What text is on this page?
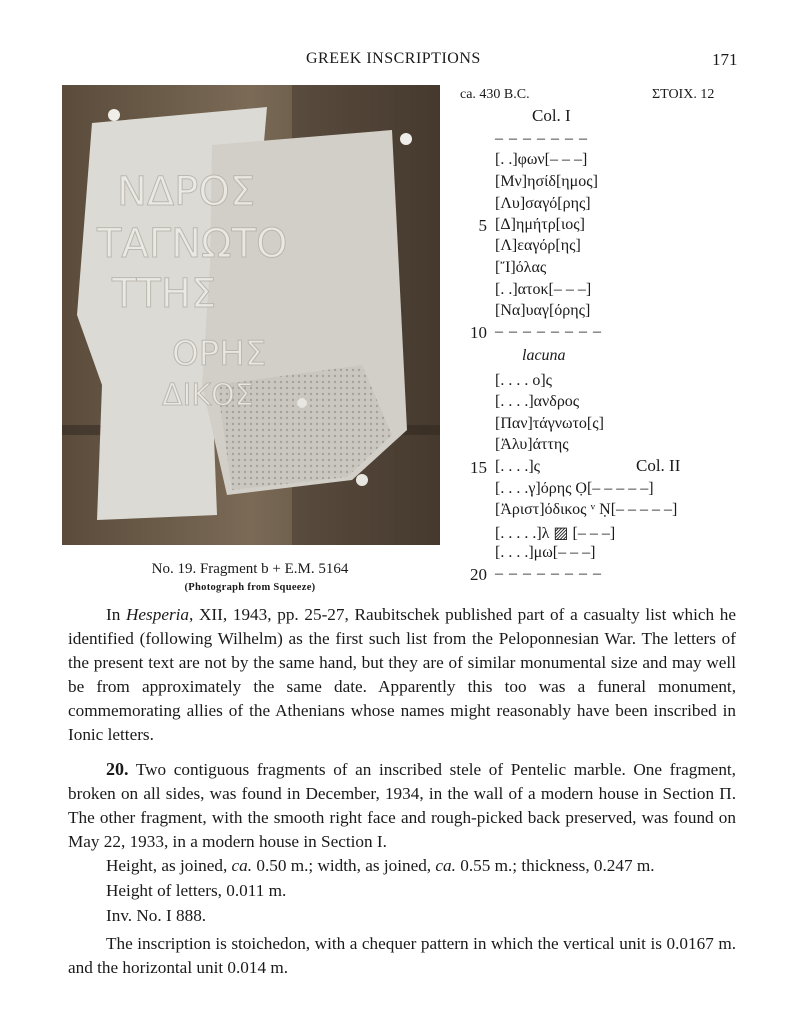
GREEK INSCRIPTIONS	171
ΝΔΡΟΣ
ΤΑΓΝΩΤΟ
ΤΤΗΣ
ΟΡΗΣ
ΔΙΚΟΣ
No. 19. Fragment b + E.M. 5164
(Photograph from Squeeze)
ca. 430 B.C.	ΣΤΟΙΧ. 12
Col. I
– – – – – – –
[. .]φων[– – –]
[Μν]ησίδ[ημος]
[Λυ]σαγό[ρης]
5 [Δ]ημήτρ[ιος]
[Λ]εαγόρ[ης]
[Ἴ]όλας
[. .]ατοκ[– – –]
[Να]υαγ[όρης]
10 – – – – – – – –
lacuna
[. . . . ο]ς
[. . . .]ανδρος
[Παν]τάγνωτο[ς]
[Ἀλυ]άττης
15 [. . . .]ς	Col. II
[. . . .γ]όρης Ọ[– – – – –]
[Ἀριστ]όδικος ᵛ Ṇ[– – – – –]
[. . . . .]λ ▨ [– – –]
[. . . .]μω[– – –]
20 – – – – – – – –
In Hesperia, XII, 1943, pp. 25-27, Raubitschek published part of a casualty list which he identified (following Wilhelm) as the first such list from the Peloponnesian War. The letters of the present text are not by the same hand, but they are of similar monumental size and may well be from approximately the same date. Apparently this too was a funeral monument, commemorating allies of the Athenians whose names might reasonably have been inscribed in Ionic letters.
20. Two contiguous fragments of an inscribed stele of Pentelic marble. One fragment, broken on all sides, was found in December, 1934, in the wall of a modern house in Section Π. The other fragment, with the smooth right face and rough-picked back preserved, was found on May 22, 1933, in a modern house in Section Ι.
Height, as joined, ca. 0.50 m.; width, as joined, ca. 0.55 m.; thickness, 0.247 m.
Height of letters, 0.011 m.
Inv. No. I 888.
The inscription is stoichedon, with a chequer pattern in which the vertical unit is 0.0167 m. and the horizontal unit 0.014 m.
